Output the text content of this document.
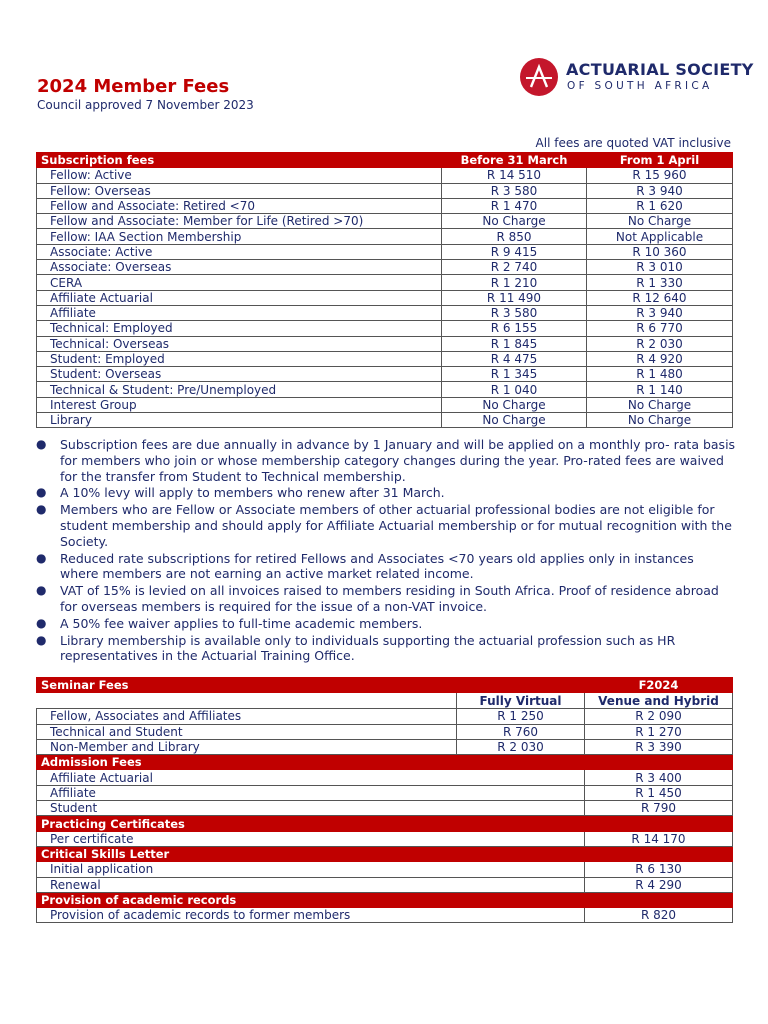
2024 Member Fees
Council approved 7 November 2023
ACTUARIAL SOCIETY
OF SOUTH AFRICA
All fees are quoted VAT inclusive
Subscription fees	Before 31 March	From 1 April
Fellow: Active	R 14 510	R 15 960
Fellow: Overseas	R 3 580	R 3 940
Fellow and Associate: Retired <70	R 1 470	R 1 620
Fellow and Associate: Member for Life (Retired >70)	No Charge	No Charge
Fellow: IAA Section Membership	R 850	Not Applicable
Associate: Active	R 9 415	R 10 360
Associate: Overseas	R 2 740	R 3 010
CERA	R 1 210	R 1 330
Affiliate Actuarial	R 11 490	R 12 640
Affiliate	R 3 580	R 3 940
Technical: Employed	R 6 155	R 6 770
Technical: Overseas	R 1 845	R 2 030
Student: Employed	R 4 475	R 4 920
Student: Overseas	R 1 345	R 1 480
Technical & Student: Pre/Unemployed	R 1 040	R 1 140
Interest Group	No Charge	No Charge
Library	No Charge	No Charge
● Subscription fees are due annually in advance by 1 January and will be applied on a monthly pro- rata basis for members who join or whose membership category changes during the year. Pro-rated fees are waived for the transfer from Student to Technical membership.
● A 10% levy will apply to members who renew after 31 March.
● Members who are Fellow or Associate members of other actuarial professional bodies are not eligible for student membership and should apply for Affiliate Actuarial membership or for mutual recognition with the Society.
● Reduced rate subscriptions for retired Fellows and Associates <70 years old applies only in instances where members are not earning an active market related income.
● VAT of 15% is levied on all invoices raised to members residing in South Africa. Proof of residence abroad for overseas members is required for the issue of a non-VAT invoice.
● A 50% fee waiver applies to full-time academic members.
● Library membership is available only to individuals supporting the actuarial profession such as HR representatives in the Actuarial Training Office.
Seminar Fees		F2024
	Fully Virtual	Venue and Hybrid
Fellow, Associates and Affiliates	R 1 250	R 2 090
Technical and Student	R 760	R 1 270
Non-Member and Library	R 2 030	R 3 390
Admission Fees		
Affiliate Actuarial		R 3 400
Affiliate		R 1 450
Student		R 790
Practicing Certificates		
Per certificate		R 14 170
Critical Skills Letter		
Initial application		R 6 130
Renewal		R 4 290
Provision of academic records		
Provision of academic records to former members		R 820
